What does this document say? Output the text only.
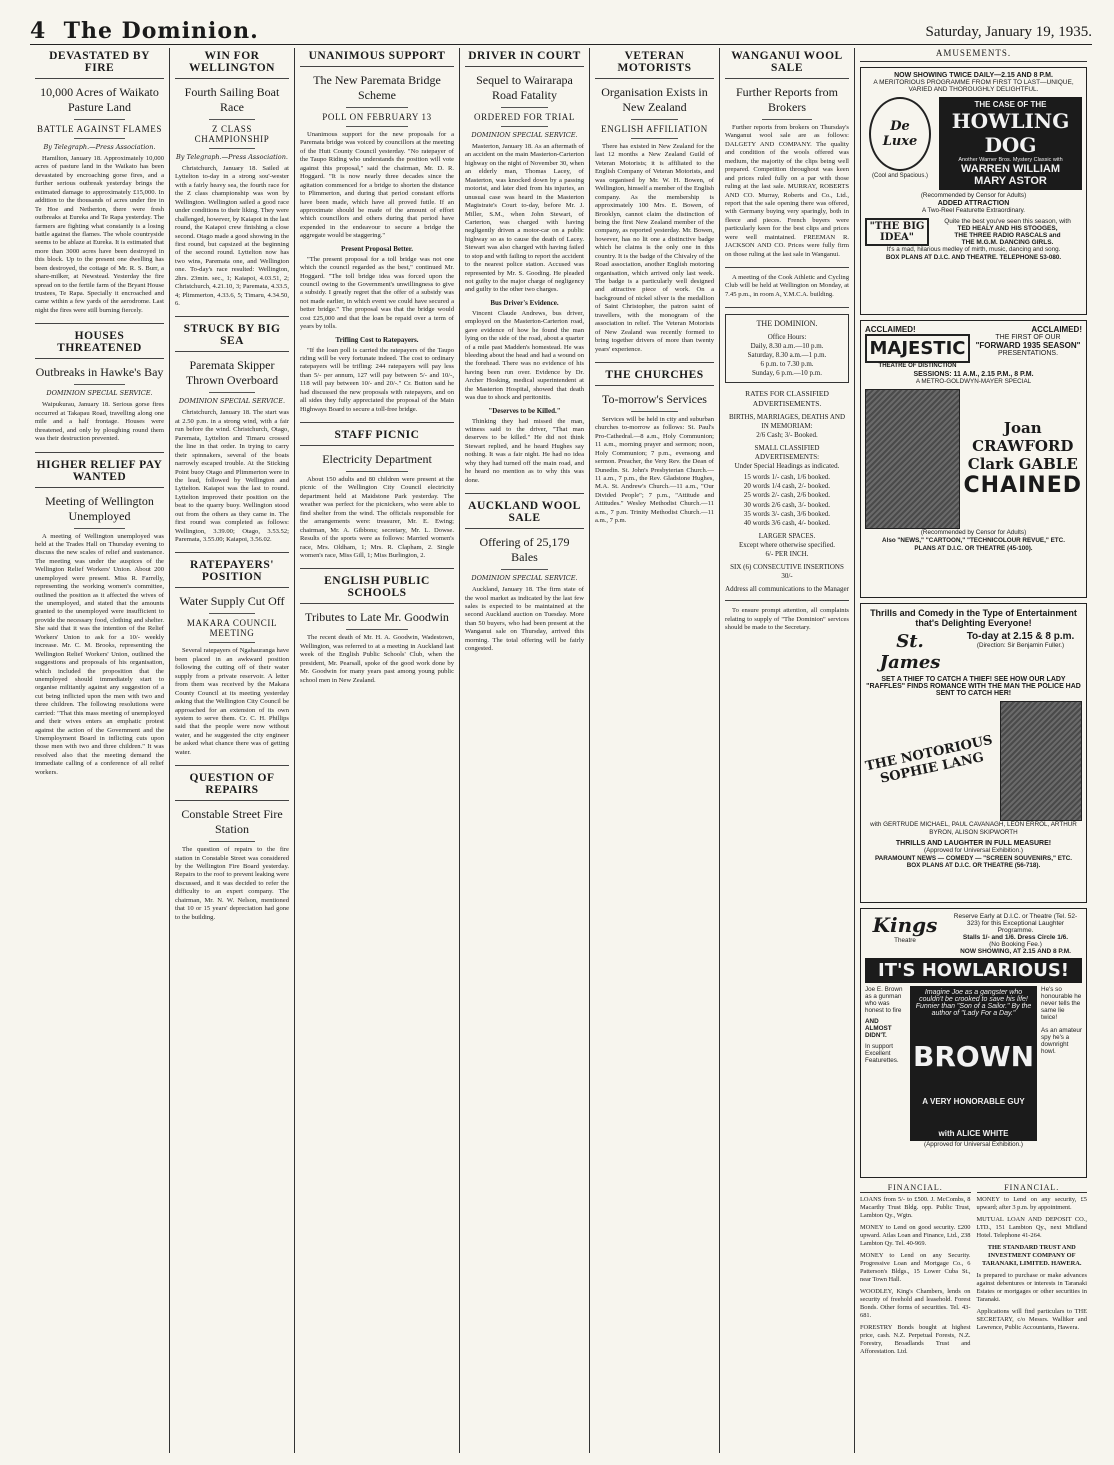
4 The Dominion.	Saturday, January 19, 1935.
DEVASTATED BY FIRE
10,000 Acres of Waikato Pasture Land
BATTLE AGAINST FLAMES
By Telegraph.—Press Association.

Hamilton, January 18. Approximately 10,000 acres of pasture land in the Waikato has been devastated by encroaching gorse fires, and a further serious outbreak yesterday brings the estimated damage to approximately £15,000. In addition to the thousands of acres under fire in Te Hoe and Netherton, there were fresh outbreaks at Eureka and Te Rapa yesterday. The farmers are fighting what constantly is a losing battle against the flames. The whole countryside seems to be ablaze at Eureka. It is estimated that more than 3000 acres have been destroyed in this block. Up to the present one dwelling has been destroyed, the cottage of Mr. R. S. Burr, a share-milker, at Newstead. Yesterday the fire spread on to the fertile farm of the Bryant House trustees, Te Rapa. Specially it encroached and came within a few yards of the aerodrome. Last night the fires were still burning fiercely.

HOUSES THREATENED
Outbreaks in Hawke's Bay
DOMINION SPECIAL SERVICE.

Waipukurau, January 18. Serious gorse fires occurred at Takapau Road, travelling along one mile and a half frontage. Houses were threatened, and only by ploughing round them was their destruction prevented.

HIGHER RELIEF PAY WANTED
Meeting of Wellington Unemployed

A meeting of Wellington unemployed was held at the Trades Hall on Thursday evening to discuss the new scales of relief and sustenance. The meeting was under the auspices of the Wellington Relief Workers' Union. About 200 unemployed were present. Miss R. Farrelly, representing the working women's committee, outlined the position as it affected the wives of the unemployed, and stated that the amounts granted to the unemployed were insufficient to provide the necessary food, clothing and shelter. She said that it was the intention of the Relief Workers' Union to ask for a 10/- weekly increase. Mr. C. M. Brooks, representing the Wellington Relief Workers' Union, outlined the suggestions and proposals of his organisation, which included the proposition that the unemployed should immediately start to organise militantly against any suggestion of a cut being inflicted upon the men with two and three children. The following resolutions were carried: "That this mass meeting of unemployed and their wives enters an emphatic protest against the action of the Government and the Unemployment Board in inflicting cuts upon those men with two and three children." It was resolved also that the meeting demand the immediate calling of a conference of all relief workers.

WIN FOR WELLINGTON
Fourth Sailing Boat Race
Z CLASS CHAMPIONSHIP
By Telegraph.—Press Association.

Christchurch, January 18. Sailed at Lyttelton to-day in a strong sou'-wester with a fairly heavy sea, the fourth race for the Z class championship was won by Wellington. Wellington sailed a good race under conditions to their liking. They were challenged, however, by Kaiapoi in the last round, the Kaiapoi crew finishing a close second. Otago made a good showing in the first round, but capsized at the beginning of the second round. Lyttelton now has two wins, Paremata one, and Wellington one. To-day's race resulted: Wellington, 2hrs. 23min. sec., 1; Kaiapoi, 4.03.51, 2; Christchurch, 4.21.10, 3; Paremata, 4.33.5, 4; Plimmerton, 4.33.6, 5; Timaru, 4.34.50, 6.

STRUCK BY BIG SEA
Paremata Skipper Thrown Overboard
DOMINION SPECIAL SERVICE.

Christchurch, January 18. The start was at 2.50 p.m. in a strong wind, with a fair run before the wind. Christchurch, Otago, Paremata, Lyttelton and Timaru crossed the line in that order. In trying to carry their spinnakers, several of the boats narrowly escaped trouble. At the Sticking Point buoy Otago and Plimmerton were in the lead, followed by Wellington and Lyttelton. Kaiapoi was the last to round. Lyttelton improved their position on the beat to the quarry buoy. Wellington stood out from the others as they came in. The first round was completed as follows: Wellington, 3.39.00; Otago, 3.53.52; Paremata, 3.55.00; Kaiapoi, 3.56.02.

RATEPAYERS' POSITION
Water Supply Cut Off
MAKARA COUNCIL MEETING

Several ratepayers of Ngahauranga have been placed in an awkward position following the cutting off of their water supply from a private reservoir. A letter from them was received by the Makara County Council at its meeting yesterday asking that the Wellington City Council be approached for an extension of its own system to serve them. Cr. C. H. Phillips said that the people were now without water, and he suggested the city engineer be asked what chance there was of getting water.

QUESTION OF REPAIRS
Constable Street Fire Station

The question of repairs to the fire station in Constable Street was considered by the Wellington Fire Board yesterday. Repairs to the roof to prevent leaking were discussed, and it was decided to refer the difficulty to an expert company. The chairman, Mr. N. W. Nelson, mentioned that 10 or 15 years' depreciation had gone to the building.

UNANIMOUS SUPPORT
The New Paremata Bridge Scheme
POLL ON FEBRUARY 13

Unanimous support for the new proposals for a Paremata bridge was voiced by councillors at the meeting of the Hutt County Council yesterday. "No ratepayer of the Taupo Riding who understands the position will vote against this proposal," said the chairman, Mr. D. R. Hoggard. "It is now nearly three decades since the agitation commenced for a bridge to shorten the distance to Plimmerton, and during that period constant efforts have been made, which have all proved futile. If an approximate should be made of the amount of effort which councillors and others during that period have expended in the endeavour to secure a bridge the aggregate would be staggering."

Present Proposal Better.

"The present proposal for a toll bridge was not one which the council regarded as the best," continued Mr. Hoggard. "The toll bridge idea was forced upon the council owing to the Government's unwillingness to give a subsidy. I greatly regret that the offer of a subsidy was not made earlier, in which event we could have secured a better bridge." The proposal was that the bridge would cost £25,000 and that the loan be repaid over a term of years by tolls.

Trifling Cost to Ratepayers.

"If the loan poll is carried the ratepayers of the Taupo riding will be very fortunate indeed. The cost to ordinary ratepayers will be trifling: 244 ratepayers will pay less than 5/- per annum, 127 will pay between 5/- and 10/-, 118 will pay between 10/- and 20/-." Cr. Button said he had discussed the new proposals with ratepayers, and on all sides they fully appreciated the proposal of the Main Highways Board to secure a toll-free bridge.

STAFF PICNIC
Electricity Department

About 150 adults and 80 children were present at the picnic of the Wellington City Council electricity department held at Maidstone Park yesterday. The weather was perfect for the picnickers, who were able to find shelter from the wind. The officials responsible for the arrangements were: treasurer, Mr. E. Ewing; chairman, Mr. A. Gibbons; secretary, Mr. L. Dowse. Results of the sports were as follows: Married women's race, Mrs. Oldham, 1; Mrs. R. Clapham, 2. Single women's race, Miss Gill, 1; Miss Burlington, 2.

ENGLISH PUBLIC SCHOOLS
Tributes to Late Mr. Goodwin

The recent death of Mr. H. A. Goodwin, Wadestown, Wellington, was referred to at a meeting in Auckland last week of the English Public Schools' Club, when the president, Mr. Pearsall, spoke of the good work done by Mr. Goodwin for many years past among young public school men in New Zealand.

DRIVER IN COURT
Sequel to Wairarapa Road Fatality
ORDERED FOR TRIAL
DOMINION SPECIAL SERVICE.

Masterton, January 18. As an aftermath of an accident on the main Masterton-Carterton highway on the night of November 30, when an elderly man, Thomas Lacey, of Masterton, was knocked down by a passing motorist, and later died from his injuries, an unusual case was heard in the Masterton Magistrate's Court to-day, before Mr. J. Miller, S.M., when John Stewart, of Carterton, was charged with having negligently driven a motor-car on a public highway so as to cause the death of Lacey. Stewart was also charged with having failed to stop and with failing to report the accident to the nearest police station. Accused was represented by Mr. S. Gooding. He pleaded not guilty to the major charge of negligency and guilty to the other two charges.

Bus Driver's Evidence.

Vincent Claude Andrews, bus driver, employed on the Masterton-Carterton road, gave evidence of how he found the man lying on the side of the road, about a quarter of a mile past Madden's homestead. He was bleeding about the head and had a wound on the forehead. There was no evidence of his having been run over. Evidence by Dr. Archer Hosking, medical superintendent at the Masterton Hospital, showed that death was due to shock and peritonitis.

"Deserves to be Killed."

Thinking they had missed the man, witness said to the driver, "That man deserves to be killed." He did not think Stewart replied, and he heard Hughes say nothing. It was a fair night. He had no idea why they had turned off the main road, and he heard no mention as to why this was done.

AUCKLAND WOOL SALE
Offering of 25,179 Bales
DOMINION SPECIAL SERVICE.

Auckland, January 18. The firm state of the wool market as indicated by the last few sales is expected to be maintained at the second Auckland auction on Tuesday. More than 50 buyers, who had been present at the Wanganui sale on Thursday, arrived this morning. The total offering will be fairly congested.

VETERAN MOTORISTS
Organisation Exists in New Zealand
ENGLISH AFFILIATION

There has existed in New Zealand for the last 12 months a New Zealand Guild of Veteran Motorists; it is affiliated to the English Company of Veteran Motorists, and was organised by Mr. W. H. Bowen, of Wellington, himself a member of the English company. As the membership is approximately 100 Mrs. E. Bowen, of Brooklyn, cannot claim the distinction of being the first New Zealand member of the company, as reported yesterday. Mr. Bowen, however, has no lit one a distinctive badge which he claims is the only one in this country. It is the badge of the Chivalry of the Road association, another English motoring organisation, which arrived only last week. The badge is a particularly well designed and attractive piece of work. On a background of nickel silver is the medallion of Saint Christopher, the patron saint of travellers, with the monogram of the association in relief. The Veteran Motorists of New Zealand was recently formed to bring together drivers of more than twenty years' experience.

THE CHURCHES
To-morrow's Services

Services will be held in city and suburban churches to-morrow as follows: St. Paul's Pro-Cathedral.—8 a.m., Holy Communion; 11 a.m., morning prayer and sermon; noon, Holy Communion; 7 p.m., evensong and sermon. Preacher, the Very Rev. the Dean of Dunedin. St. John's Presbyterian Church.—11 a.m., 7 p.m., the Rev. Gladstone Hughes, M.A. St. Andrew's Church.—11 a.m., "Our Divided People"; 7 p.m., "Attitude and Attitudes." Wesley Methodist Church.—11 a.m., 7 p.m. Trinity Methodist Church.—11 a.m., 7 p.m.

WANGANUI WOOL SALE
Further Reports from Brokers

Further reports from brokers on Thursday's Wanganui wool sale are as follows: DALGETY AND COMPANY. The quality and condition of the wools offered was medium, the majority of the clips being well prepared. Competition throughout was keen and prices ruled fully on a par with those ruling at the last sale. MURRAY, ROBERTS AND CO. Murray, Roberts and Co., Ltd., report that the sale opening there was offered, with Germany buying very sparingly, both in fleece and pieces. French buyers were particularly keen for the best clips and prices were well maintained. FREEMAN R. JACKSON AND CO. Prices were fully firm on those ruling at the last sale in Wanganui.

A meeting of the Cook Athletic and Cycling Club will be held at Wellington on Monday, at 7.45 p.m., in room A, Y.M.C.A. building.

THE DOMINION.
Office Hours:
Daily, 8.30 a.m.—10 p.m.
Saturday, 8.30 a.m.—1 p.m.
6 p.m. to 7.30 p.m.
Sunday, 6 p.m.—10 p.m.
RATES FOR CLASSIFIED ADVERTISEMENTS.
BIRTHS, MARRIAGES, DEATHS AND IN MEMORIAM:
2/6 Cash; 3/- Booked.
SMALL CLASSIFIED ADVERTISEMENTS:
Under Special Headings as indicated.
15 words 1/- cash, 1/6 booked.
20 words 1/4 cash, 2/- booked.
25 words 2/- cash, 2/6 booked.
30 words 2/6 cash, 3/- booked.
35 words 3/- cash, 3/6 booked.
40 words 3/6 cash, 4/- booked.
LARGER SPACES.
Except where otherwise specified.
6/- PER INCH.
SIX (6) CONSECUTIVE INSERTIONS 30/-
Address all communications to the Manager

To ensure prompt attention, all complaints relating to supply of "The Dominion" services should be made to the Secretary.

AMUSEMENTS.
NOW SHOWING TWICE DAILY—2.15 AND 8 P.M.
A MERITORIOUS PROGRAMME FROM FIRST TO LAST—UNIQUE, VARIED AND THOROUGHLY DELIGHTFUL.
De Luxe
(Cool and Spacious.)
THE CASE OF THE
HOWLING
DOG
Another Warner Bros. Mystery Classic with
WARREN WILLIAM
MARY ASTOR
(Recommended by Censor for Adults)
ADDED ATTRACTION
A Two-Reel Featurette Extraordinary.
"THE BIG IDEA"
Quite the best you've seen this season, with
TED HEALY AND HIS STOOGES,
THE THREE RADIO RASCALS and
THE M.G.M. DANCING GIRLS.
It's a mad, hilarious medley of mirth, music, dancing and song.
BOX PLANS AT D.I.C. AND THEATRE. TELEPHONE 53-080.
ACCLAIMED!	ACCLAIMED!
MAJESTIC
THEATRE OF DISTINCTION
THE FIRST OF OUR
"FORWARD 1935 SEASON"
PRESENTATIONS.
SESSIONS: 11 A.M., 2.15 P.M., 8 P.M.
A METRO-GOLDWYN-MAYER SPECIAL
Joan CRAWFORD
Clark GABLE
CHAINED
(Recommended by Censor for Adults)
Also "NEWS," "CARTOON," "TECHNICOLOUR REVUE," ETC.
PLANS AT D.I.C. OR THEATRE (45-100).
Thrills and Comedy in the Type of Entertainment that's Delighting Everyone!
St. James
To-day at 2.15 & 8 p.m.
(Direction: Sir Benjamin Fuller.)
SET A THIEF TO CATCH A THIEF! SEE HOW OUR LADY "RAFFLES" FINDS ROMANCE WITH THE MAN THE POLICE HAD SENT TO CATCH HER!
THE NOTORIOUS SOPHIE LANG
with GERTRUDE MICHAEL, PAUL CAVANAGH, LEON ERROL, ARTHUR BYRON, ALISON SKIPWORTH
THRILLS AND LAUGHTER IN FULL MEASURE!
(Approved for Universal Exhibition.)
PARAMOUNT NEWS — COMEDY — "SCREEN SOUVENIRS," ETC.
BOX PLANS AT D.I.C. OR THEATRE (56-718).
Kings
Theatre
Reserve Early at D.I.C. or Theatre (Tel. 52-323) for this Exceptional Laughter Programme.
Stalls 1/- and 1/6. Dress Circle 1/6.
(No Booking Fee.)
NOW SHOWING, AT 2.15 AND 8 P.M.
IT'S HOWLARIOUS!
Joe E. Brown as a gunman who was honest to fire
AND ALMOST DIDN'T.
In support Excellent Featurettes.
Imagine Joe as a gangster who couldn't be crooked to save his life! Funnier than "Son of a Sailor." By the author of "Lady For a Day."
BROWN
A VERY HONORABLE GUY
with ALICE WHITE
He's so honourable he never tells the same lie twice!
As an amateur spy he's a downright howl.
(Approved for Universal Exhibition.)
FINANCIAL.

LOANS from 5/- to £500. J. McCombs, 8 Macarthy Trust Bldg. opp. Public Trust, Lambton Qy., Wgtn.

MONEY to Lend on good security. £200 upward. Atlas Loan and Finance, Ltd., 238 Lambton Qy. Tel. 40-969.

MONEY to Lend on any Security. Progressive Loan and Mortgage Co., 6 Patterson's Bldgs., 15 Lower Cuba St., near Town Hall.

WOODLEY, King's Chambers, lends on security of freehold and leasehold. Forest Bonds. Other forms of securities. Tel. 43-681.

FORESTRY Bonds bought at highest price, cash. N.Z. Perpetual Forests, N.Z. Forestry, Broadlands Trust and Afforestation. Ltd.

FINANCIAL.

MONEY to Lend on any security, £5 upward; after 3 p.m. by appointment.

MUTUAL LOAN AND DEPOSIT CO., LTD., 151 Lambton Qy., next Midland Hotel. Telephone 41-264.

THE STANDARD TRUST AND INVESTMENT COMPANY OF TARANAKI, LIMITED. HAWERA.

Is prepared to purchase or make advances against debentures or interests in Taranaki Estates or mortgages or other securities in Taranaki.

Applications will find particulars to THE SECRETARY, c/o Messrs. Walliker and Lawrence, Public Accountants, Hawera.
